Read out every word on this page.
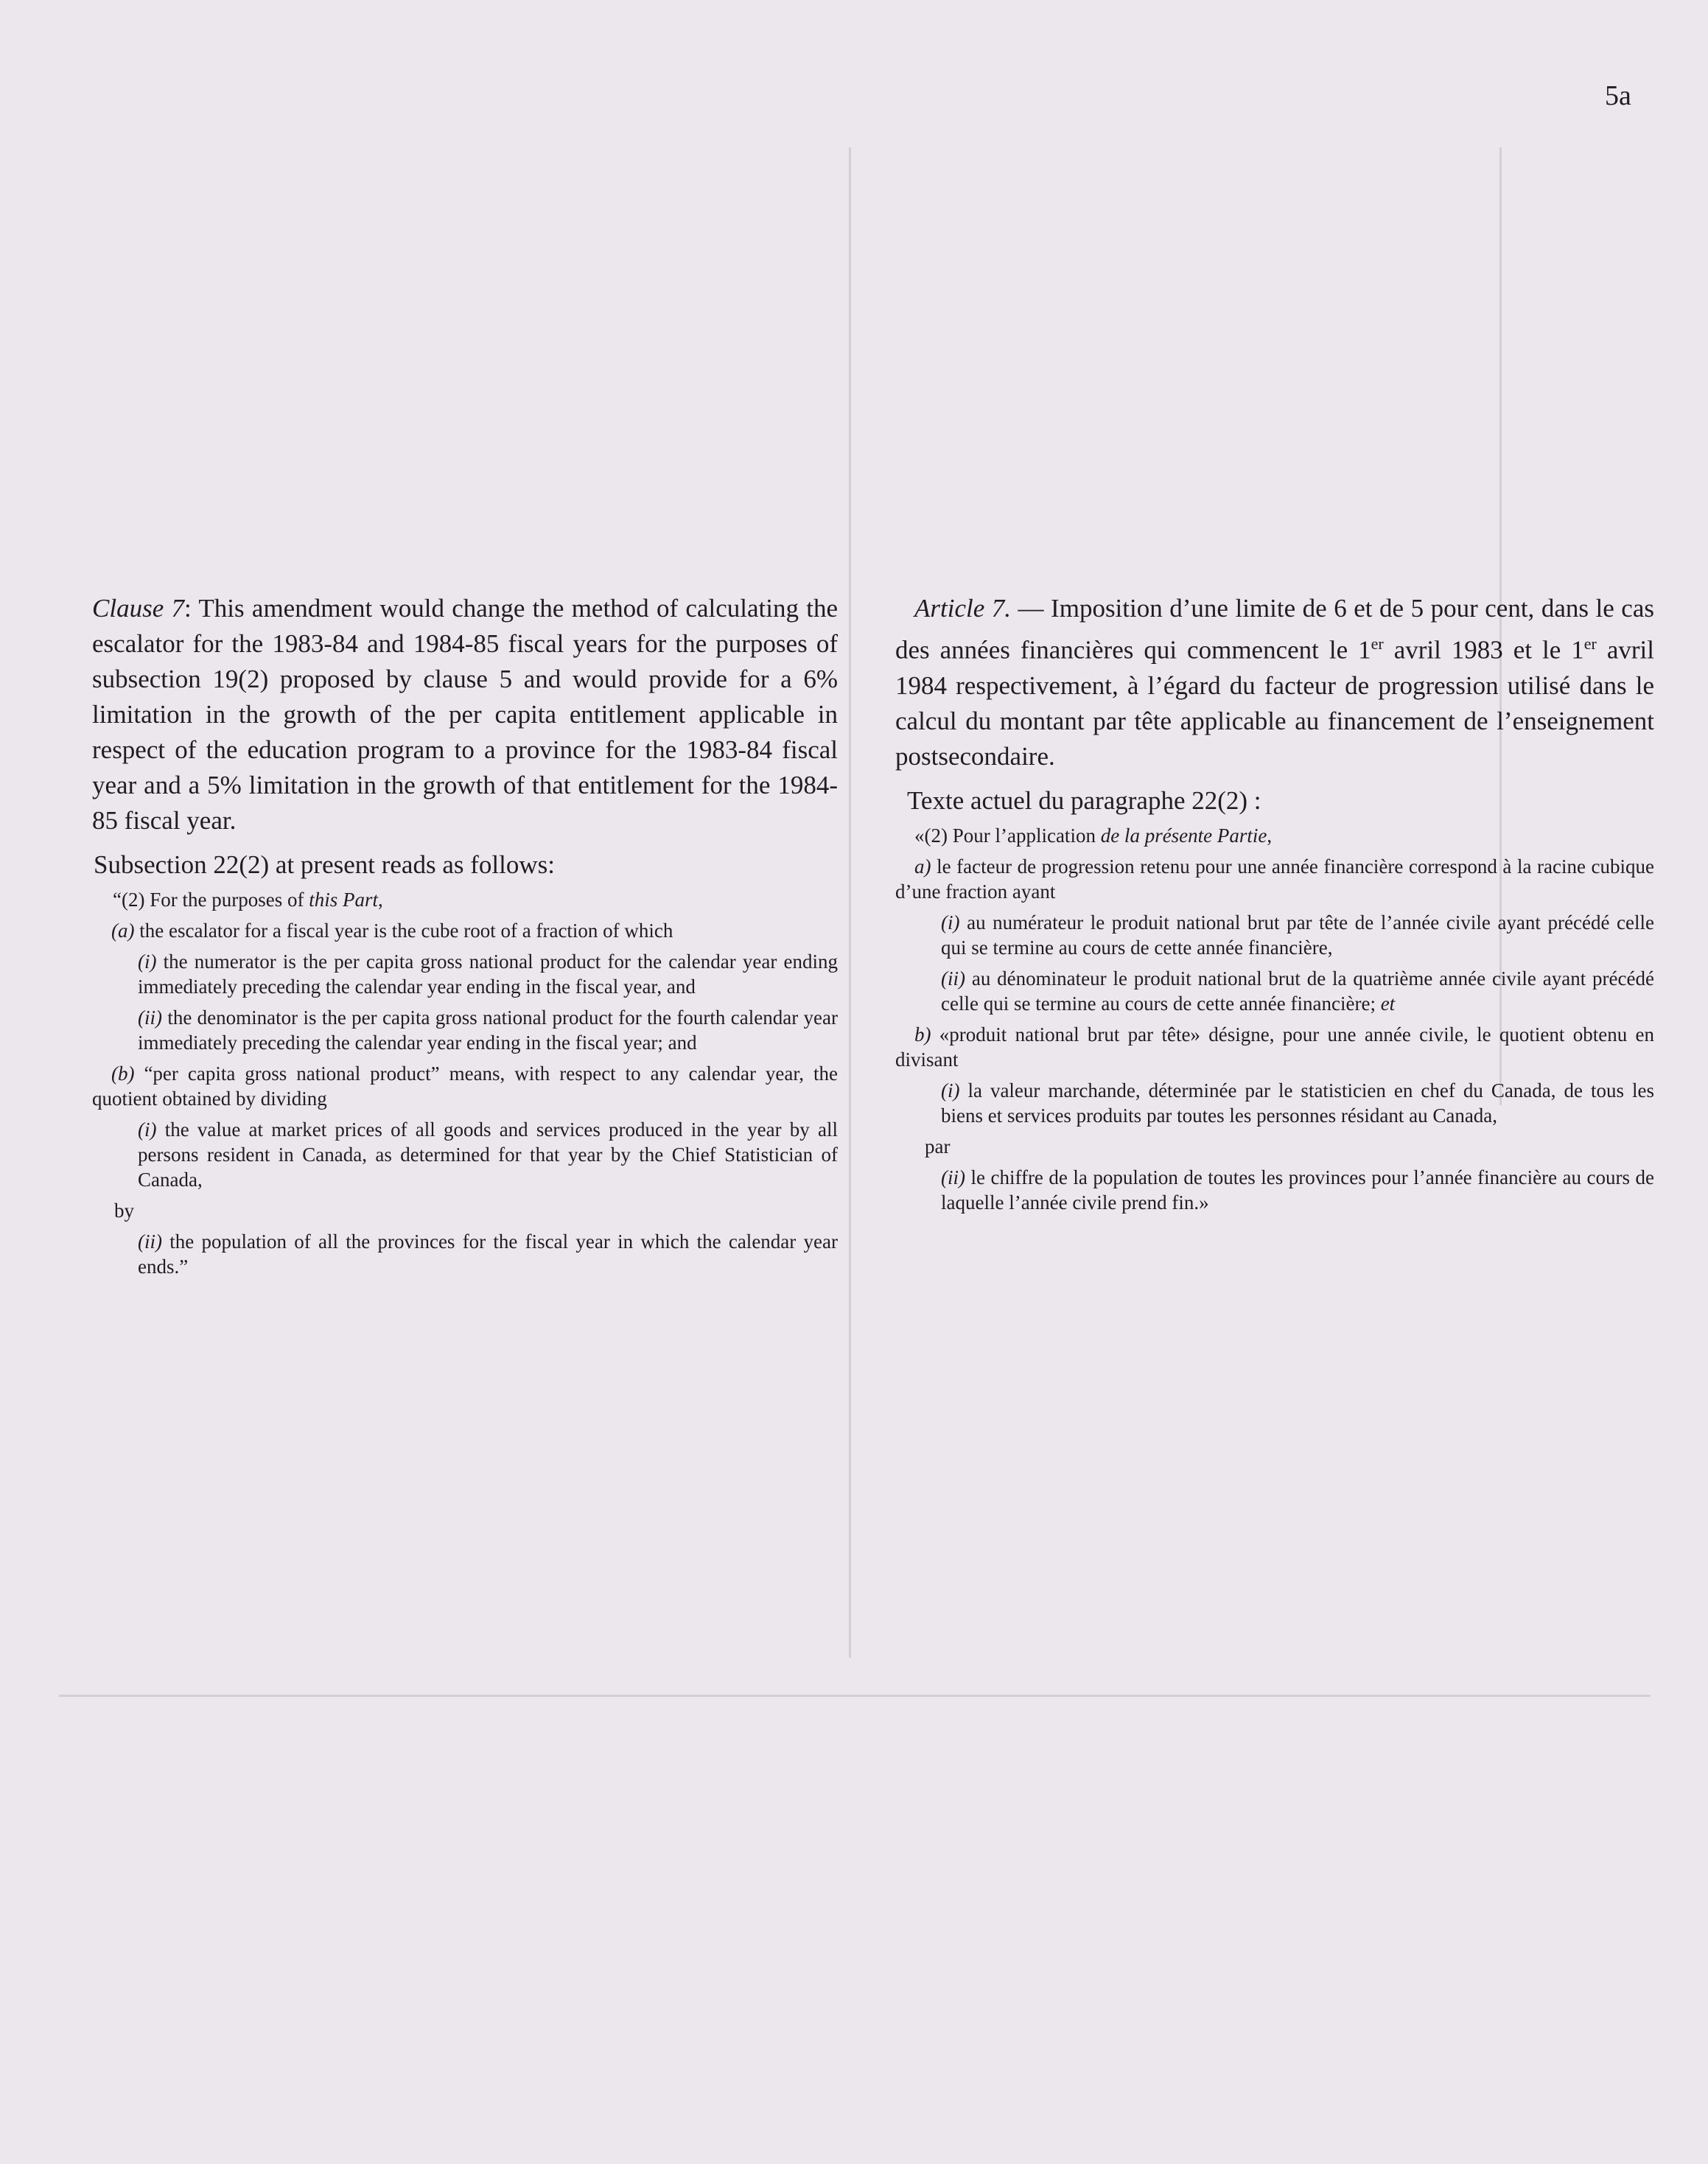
5a

Clause 7: This amendment would change the method of calculating the escalator for the 1983-84 and 1984-85 fiscal years for the purposes of subsection 19(2) proposed by clause 5 and would provide for a 6% limitation in the growth of the per capita entitlement applicable in respect of the education program to a province for the 1983-84 fiscal year and a 5% limitation in the growth of that entitlement for the 1984-85 fiscal year.

Subsection 22(2) at present reads as follows:

“(2) For the purposes of this Part,

(a) the escalator for a fiscal year is the cube root of a fraction of which

(i) the numerator is the per capita gross national product for the calendar year ending immediately preceding the calendar year ending in the fiscal year, and

(ii) the denominator is the per capita gross national product for the fourth calendar year immediately preceding the calendar year ending in the fiscal year; and

(b) “per capita gross national product” means, with respect to any calendar year, the quotient obtained by dividing

(i) the value at market prices of all goods and services produced in the year by all persons resident in Canada, as determined for that year by the Chief Statistician of Canada,

by

(ii) the population of all the provinces for the fiscal year in which the calendar year ends.”

Article 7. — Imposition d’une limite de 6 et de 5 pour cent, dans le cas des années financières qui commencent le 1er avril 1983 et le 1er avril 1984 respectivement, à l’égard du facteur de progression utilisé dans le calcul du montant par tête applicable au financement de l’enseignement postsecondaire.

Texte actuel du paragraphe 22(2) :

«(2) Pour l’application de la présente Partie,

a) le facteur de progression retenu pour une année financière correspond à la racine cubique d’une fraction ayant

(i) au numérateur le produit national brut par tête de l’année civile ayant précédé celle qui se termine au cours de cette année financière,

(ii) au dénominateur le produit national brut de la quatrième année civile ayant précédé celle qui se termine au cours de cette année financière; et

b) «produit national brut par tête» désigne, pour une année civile, le quotient obtenu en divisant

(i) la valeur marchande, déterminée par le statisticien en chef du Canada, de tous les biens et services produits par toutes les personnes résidant au Canada,

par

(ii) le chiffre de la population de toutes les provinces pour l’année financière au cours de laquelle l’année civile prend fin.»
